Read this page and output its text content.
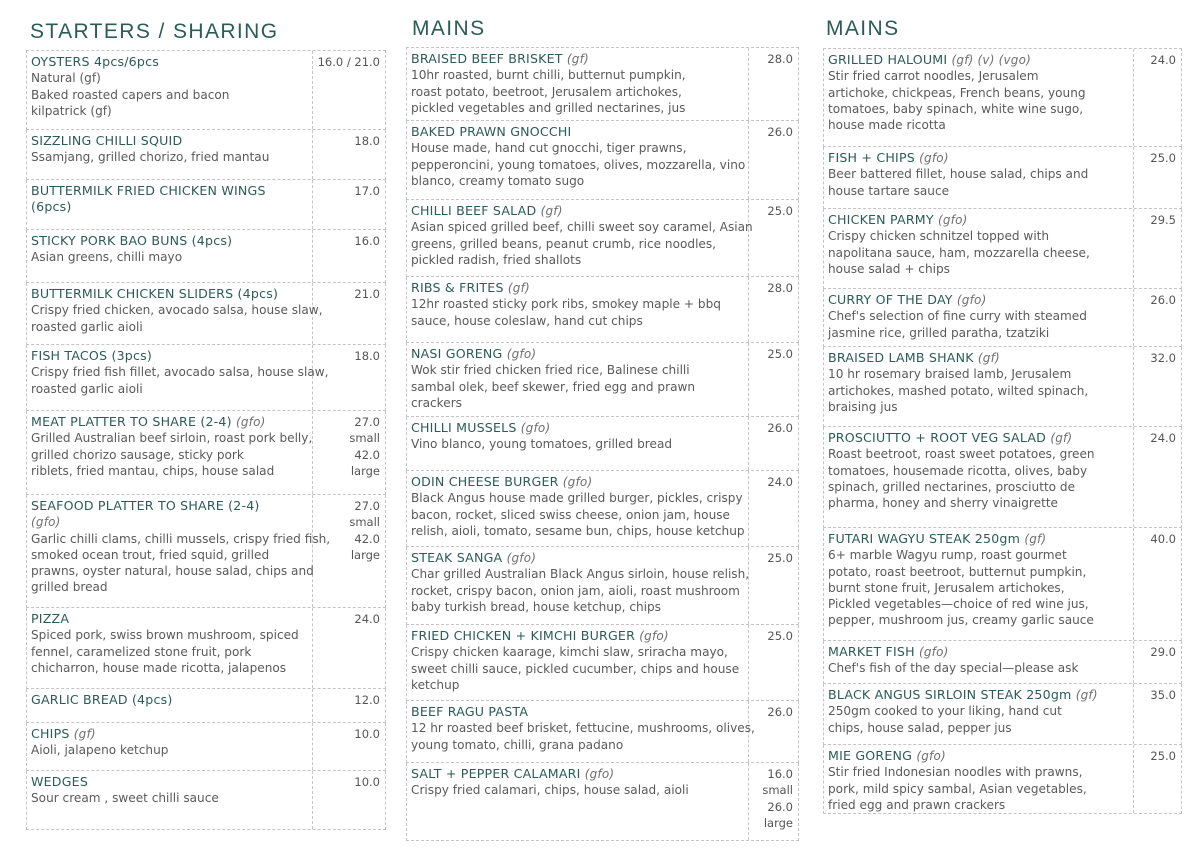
STARTERS / SHARING
OYSTERS 4pcs/6pcs
Natural (gf)
Baked roasted capers and bacon
kilpatrick (gf)
16.0 / 21.0
SIZZLING CHILLI SQUID
Ssamjang, grilled chorizo, fried mantau
18.0
BUTTERMILK FRIED CHICKEN WINGS
(6pcs)
17.0
STICKY PORK BAO BUNS (4pcs)
Asian greens, chilli mayo
16.0
BUTTERMILK CHICKEN SLIDERS (4pcs)
Crispy fried chicken, avocado salsa, house slaw,
roasted garlic aioli
21.0
FISH TACOS (3pcs)
Crispy fried fish fillet, avocado salsa, house slaw,
roasted garlic aioli
18.0
MEAT PLATTER TO SHARE (2-4) (gfo)
Grilled Australian beef sirloin, roast pork belly,
grilled chorizo sausage, sticky pork
riblets, fried mantau, chips, house salad
27.0
small
42.0
large
SEAFOOD PLATTER TO SHARE (2-4)
(gfo)
Garlic chilli clams, chilli mussels, crispy fried fish,
smoked ocean trout, fried squid, grilled
prawns, oyster natural, house salad, chips and
grilled bread
27.0
small
42.0
large
PIZZA
Spiced pork, swiss brown mushroom, spiced
fennel, caramelized stone fruit, pork
chicharron, house made ricotta, jalapenos
24.0
GARLIC BREAD (4pcs)	12.0
CHIPS (gf)
Aioli, jalapeno ketchup
10.0
WEDGES
Sour cream , sweet chilli sauce
10.0
MAINS
BRAISED BEEF BRISKET (gf)
10hr roasted, burnt chilli, butternut pumpkin,
roast potato, beetroot, Jerusalem artichokes,
pickled vegetables and grilled nectarines, jus
28.0
BAKED PRAWN GNOCCHI
House made, hand cut gnocchi, tiger prawns,
pepperoncini, young tomatoes, olives, mozzarella, vino
blanco, creamy tomato sugo
26.0
CHILLI BEEF SALAD (gf)
Asian spiced grilled beef, chilli sweet soy caramel, Asian
greens, grilled beans, peanut crumb, rice noodles,
pickled radish, fried shallots
25.0
RIBS & FRITES (gf)
12hr roasted sticky pork ribs, smokey maple + bbq
sauce, house coleslaw, hand cut chips
28.0
NASI GORENG (gfo)
Wok stir fried chicken fried rice, Balinese chilli
sambal olek, beef skewer, fried egg and prawn
crackers
25.0
CHILLI MUSSELS (gfo)
Vino blanco, young tomatoes, grilled bread
26.0
ODIN CHEESE BURGER (gfo)
Black Angus house made grilled burger, pickles, crispy
bacon, rocket, sliced swiss cheese, onion jam, house
relish, aioli, tomato, sesame bun, chips, house ketchup
24.0
STEAK SANGA (gfo)
Char grilled Australian Black Angus sirloin, house relish,
rocket, crispy bacon, onion jam, aioli, roast mushroom
baby turkish bread, house ketchup, chips
25.0
FRIED CHICKEN + KIMCHI BURGER (gfo)
Crispy chicken kaarage, kimchi slaw, sriracha mayo,
sweet chilli sauce, pickled cucumber, chips and house
ketchup
25.0
BEEF RAGU PASTA
12 hr roasted beef brisket, fettucine, mushrooms, olives,
young tomato, chilli, grana padano
26.0
SALT + PEPPER CALAMARI (gfo)
Crispy fried calamari, chips, house salad, aioli
16.0
small
26.0
large
MAINS
GRILLED HALOUMI (gf) (v) (vgo)
Stir fried carrot noodles, Jerusalem
artichoke, chickpeas, French beans, young
tomatoes, baby spinach, white wine sugo,
house made ricotta
24.0
FISH + CHIPS (gfo)
Beer battered fillet, house salad, chips and
house tartare sauce
25.0
CHICKEN PARMY (gfo)
Crispy chicken schnitzel topped with
napolitana sauce, ham, mozzarella cheese,
house salad + chips
29.5
CURRY OF THE DAY (gfo)
Chef's selection of fine curry with steamed
jasmine rice, grilled paratha, tzatziki
26.0
BRAISED LAMB SHANK (gf)
10 hr rosemary braised lamb, Jerusalem
artichokes, mashed potato, wilted spinach,
braising jus
32.0
PROSCIUTTO + ROOT VEG SALAD (gf)
Roast beetroot, roast sweet potatoes, green
tomatoes, housemade ricotta, olives, baby
spinach, grilled nectarines, prosciutto de
pharma, honey and sherry vinaigrette
24.0
FUTARI WAGYU STEAK 250gm (gf)
6+ marble Wagyu rump, roast gourmet
potato, roast beetroot, butternut pumpkin,
burnt stone fruit, Jerusalem artichokes,
Pickled vegetables—choice of red wine jus,
pepper, mushroom jus, creamy garlic sauce
40.0
MARKET FISH (gfo)
Chef's fish of the day special—please ask
29.0
BLACK ANGUS SIRLOIN STEAK 250gm (gf)
250gm cooked to your liking, hand cut
chips, house salad, pepper jus
35.0
MIE GORENG (gfo)
Stir fried Indonesian noodles with prawns,
pork, mild spicy sambal, Asian vegetables,
fried egg and prawn crackers
25.0
